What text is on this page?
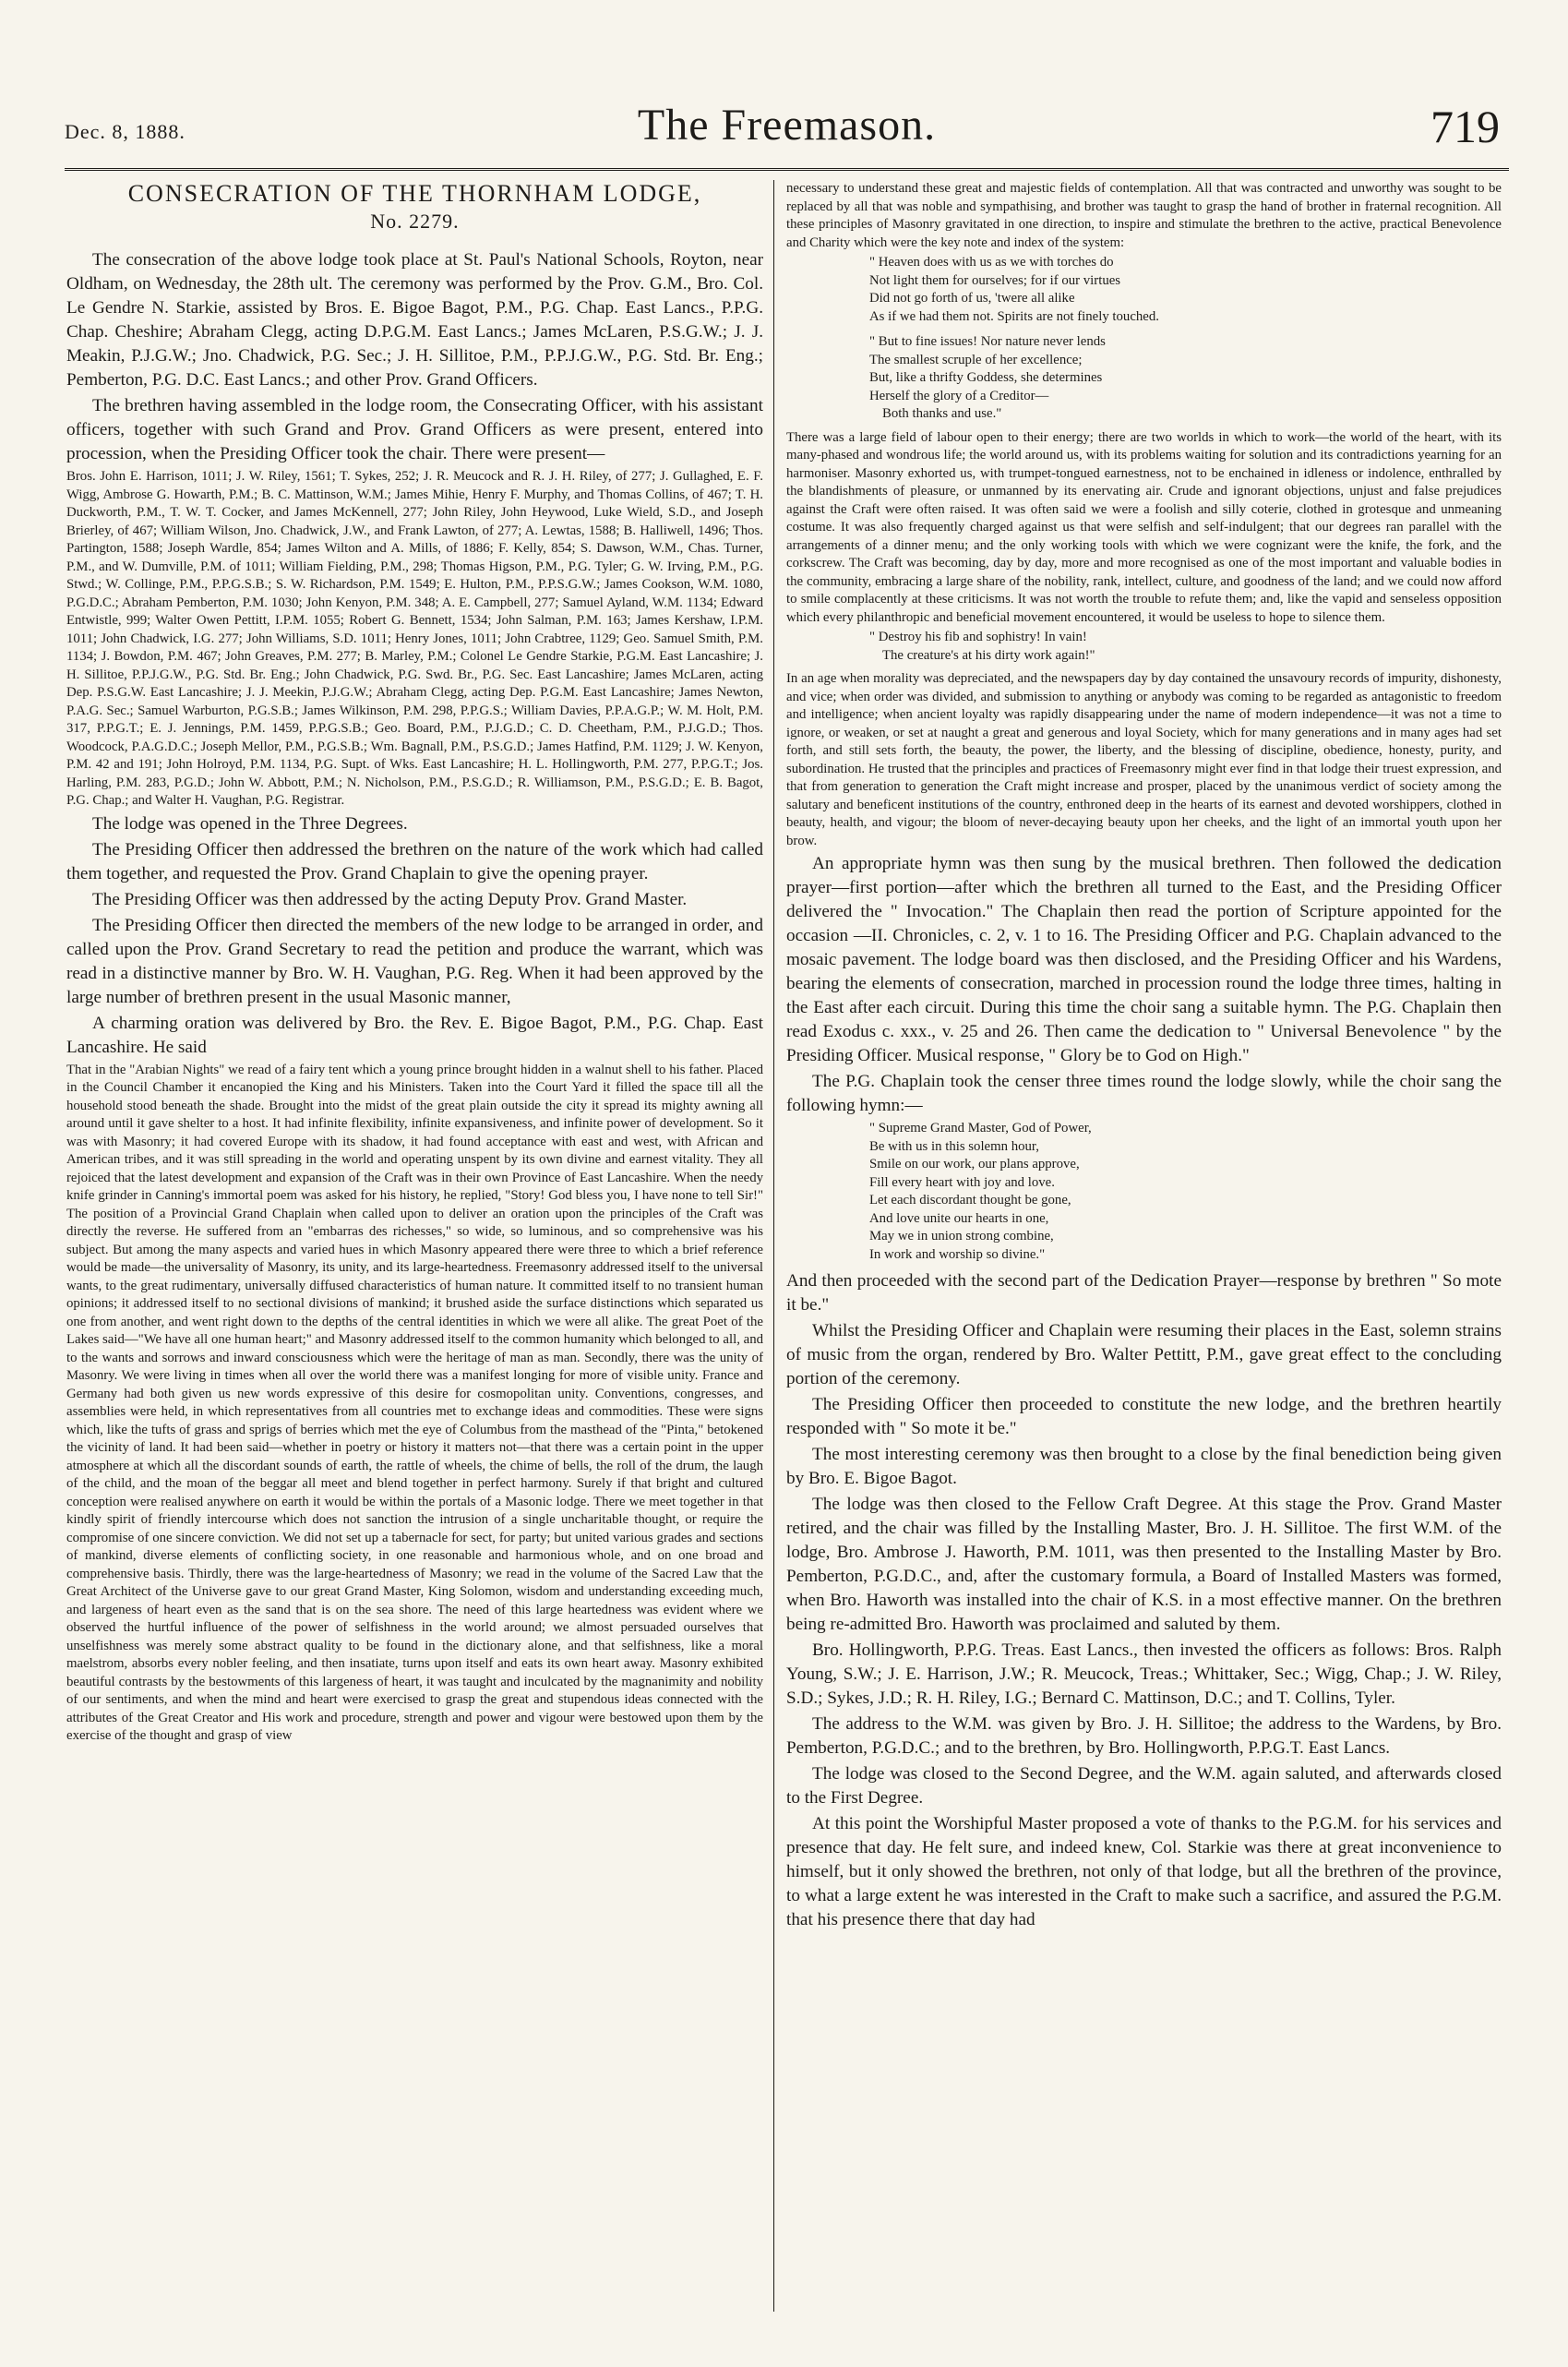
Dec. 8, 1888.	The Freemason.	719
CONSECRATION OF THE THORNHAM LODGE,
No. 2279.

The consecration of the above lodge took place at St. Paul's National Schools, Royton, near Oldham, on Wednesday, the 28th ult. The ceremony was performed by the Prov. G.M., Bro. Col. Le Gendre N. Starkie, assisted by Bros. E. Bigoe Bagot, P.M., P.G. Chap. East Lancs., P.P.G. Chap. Cheshire; Abraham Clegg, acting D.P.G.M. East Lancs.; James McLaren, P.S.G.W.; J. J. Meakin, P.J.G.W.; Jno. Chadwick, P.G. Sec.; J. H. Sillitoe, P.M., P.P.J.G.W., P.G. Std. Br. Eng.; Pemberton, P.G. D.C. East Lancs.; and other Prov. Grand Officers.

The brethren having assembled in the lodge room, the Consecrating Officer, with his assistant officers, together with such Grand and Prov. Grand Officers as were present, entered into procession, when the Presiding Officer took the chair. There were present—

Bros. John E. Harrison, 1011; J. W. Riley, 1561; T. Sykes, 252; J. R. Meucock and R. J. H. Riley, of 277; J. Gullaghed, E. F. Wigg, Ambrose G. Howarth, P.M.; B. C. Mattinson, W.M.; James Mihie, Henry F. Murphy, and Thomas Collins, of 467; T. H. Duckworth, P.M., T. W. T. Cocker, and James McKennell, 277; John Riley, John Heywood, Luke Wield, S.D., and Joseph Brierley, of 467; William Wilson, Jno. Chadwick, J.W., and Frank Lawton, of 277; A. Lewtas, 1588; B. Halliwell, 1496; Thos. Partington, 1588; Joseph Wardle, 854; James Wilton and A. Mills, of 1886; F. Kelly, 854; S. Dawson, W.M., Chas. Turner, P.M., and W. Dumville, P.M. of 1011; William Fielding, P.M., 298; Thomas Higson, P.M., P.G. Tyler; G. W. Irving, P.M., P.G. Stwd.; W. Collinge, P.M., P.P.G.S.B.; S. W. Richardson, P.M. 1549; E. Hulton, P.M., P.P.S.G.W.; James Cookson, W.M. 1080, P.G.D.C.; Abraham Pemberton, P.M. 1030; John Kenyon, P.M. 348; A. E. Campbell, 277; Samuel Ayland, W.M. 1134; Edward Entwistle, 999; Walter Owen Pettitt, I.P.M. 1055; Robert G. Bennett, 1534; John Salman, P.M. 163; James Kershaw, I.P.M. 1011; John Chadwick, I.G. 277; John Williams, S.D. 1011; Henry Jones, 1011; John Crabtree, 1129; Geo. Samuel Smith, P.M. 1134; J. Bowdon, P.M. 467; John Greaves, P.M. 277; B. Marley, P.M.; Colonel Le Gendre Starkie, P.G.M. East Lancashire; J. H. Sillitoe, P.P.J.G.W., P.G. Std. Br. Eng.; John Chadwick, P.G. Swd. Br., P.G. Sec. East Lancashire; James McLaren, acting Dep. P.S.G.W. East Lancashire; J. J. Meekin, P.J.G.W.; Abraham Clegg, acting Dep. P.G.M. East Lancashire; James Newton, P.A.G. Sec.; Samuel Warburton, P.G.S.B.; James Wilkinson, P.M. 298, P.P.G.S.; William Davies, P.P.A.G.P.; W. M. Holt, P.M. 317, P.P.G.T.; E. J. Jennings, P.M. 1459, P.P.G.S.B.; Geo. Board, P.M., P.J.G.D.; C. D. Cheetham, P.M., P.J.G.D.; Thos. Woodcock, P.A.G.D.C.; Joseph Mellor, P.M., P.G.S.B.; Wm. Bagnall, P.M., P.S.G.D.; James Hatfind, P.M. 1129; J. W. Kenyon, P.M. 42 and 191; John Holroyd, P.M. 1134, P.G. Supt. of Wks. East Lancashire; H. L. Hollingworth, P.M. 277, P.P.G.T.; Jos. Harling, P.M. 283, P.G.D.; John W. Abbott, P.M.; N. Nicholson, P.M., P.S.G.D.; R. Williamson, P.M., P.S.G.D.; E. B. Bagot, P.G. Chap.; and Walter H. Vaughan, P.G. Registrar.

The lodge was opened in the Three Degrees.

The Presiding Officer then addressed the brethren on the nature of the work which had called them together, and requested the Prov. Grand Chaplain to give the opening prayer.

The Presiding Officer was then addressed by the acting Deputy Prov. Grand Master.

The Presiding Officer then directed the members of the new lodge to be arranged in order, and called upon the Prov. Grand Secretary to read the petition and produce the warrant, which was read in a distinctive manner by Bro. W. H. Vaughan, P.G. Reg. When it had been approved by the large number of brethren present in the usual Masonic manner,

A charming oration was delivered by Bro. the Rev. E. Bigoe Bagot, P.M., P.G. Chap. East Lancashire. He said

That in the "Arabian Nights" we read of a fairy tent which a young prince brought hidden in a walnut shell to his father. Placed in the Council Chamber it encanopied the King and his Ministers. Taken into the Court Yard it filled the space till all the household stood beneath the shade. Brought into the midst of the great plain outside the city it spread its mighty awning all around until it gave shelter to a host. It had infinite flexibility, infinite expansiveness, and infinite power of development. So it was with Masonry; it had covered Europe with its shadow, it had found acceptance with east and west, with African and American tribes, and it was still spreading in the world and operating unspent by its own divine and earnest vitality. They all rejoiced that the latest development and expansion of the Craft was in their own Province of East Lancashire. When the needy knife grinder in Canning's immortal poem was asked for his history, he replied, "Story! God bless you, I have none to tell Sir!" The position of a Provincial Grand Chaplain when called upon to deliver an oration upon the principles of the Craft was directly the reverse. He suffered from an "embarras des richesses," so wide, so luminous, and so comprehensive was his subject. But among the many aspects and varied hues in which Masonry appeared there were three to which a brief reference would be made—the universality of Masonry, its unity, and its large-heartedness. Freemasonry addressed itself to the universal wants, to the great rudimentary, universally diffused characteristics of human nature. It committed itself to no transient human opinions; it addressed itself to no sectional divisions of mankind; it brushed aside the surface distinctions which separated us one from another, and went right down to the depths of the central identities in which we were all alike. The great Poet of the Lakes said—"We have all one human heart;" and Masonry addressed itself to the common humanity which belonged to all, and to the wants and sorrows and inward consciousness which were the heritage of man as man. Secondly, there was the unity of Masonry. We were living in times when all over the world there was a manifest longing for more of visible unity. France and Germany had both given us new words expressive of this desire for cosmopolitan unity. Conventions, congresses, and assemblies were held, in which representatives from all countries met to exchange ideas and commodities. These were signs which, like the tufts of grass and sprigs of berries which met the eye of Columbus from the masthead of the "Pinta," betokened the vicinity of land. It had been said—whether in poetry or history it matters not—that there was a certain point in the upper atmosphere at which all the discordant sounds of earth, the rattle of wheels, the chime of bells, the roll of the drum, the laugh of the child, and the moan of the beggar all meet and blend together in perfect harmony. Surely if that bright and cultured conception were realised anywhere on earth it would be within the portals of a Masonic lodge. There we meet together in that kindly spirit of friendly intercourse which does not sanction the intrusion of a single uncharitable thought, or require the compromise of one sincere conviction. We did not set up a tabernacle for sect, for party; but united various grades and sections of mankind, diverse elements of conflicting society, in one reasonable and harmonious whole, and on one broad and comprehensive basis. Thirdly, there was the large-heartedness of Masonry; we read in the volume of the Sacred Law that the Great Architect of the Universe gave to our great Grand Master, King Solomon, wisdom and understanding exceeding much, and largeness of heart even as the sand that is on the sea shore. The need of this large heartedness was evident where we observed the hurtful influence of the power of selfishness in the world around; we almost persuaded ourselves that unselfishness was merely some abstract quality to be found in the dictionary alone, and that selfishness, like a moral maelstrom, absorbs every nobler feeling, and then insatiate, turns upon itself and eats its own heart away. Masonry exhibited beautiful contrasts by the bestowments of this largeness of heart, it was taught and inculcated by the magnanimity and nobility of our sentiments, and when the mind and heart were exercised to grasp the great and stupendous ideas connected with the attributes of the Great Creator and His work and procedure, strength and power and vigour were bestowed upon them by the exercise of the thought and grasp of view

necessary to understand these great and majestic fields of contemplation. All that was contracted and unworthy was sought to be replaced by all that was noble and sympathising, and brother was taught to grasp the hand of brother in fraternal recognition. All these principles of Masonry gravitated in one direction, to inspire and stimulate the brethren to the active, practical Benevolence and Charity which were the key note and index of the system:

" Heaven does with us as we with torches do
Not light them for ourselves; for if our virtues
Did not go forth of us, 'twere all alike
As if we had them not. Spirits are not finely touched.
" But to fine issues! Nor nature never lends
The smallest scruple of her excellence;
But, like a thrifty Goddess, she determines
Herself the glory of a Creditor—
Both thanks and use."

There was a large field of labour open to their energy; there are two worlds in which to work—the world of the heart, with its many-phased and wondrous life; the world around us, with its problems waiting for solution and its contradictions yearning for an harmoniser. Masonry exhorted us, with trumpet-tongued earnestness, not to be enchained in idleness or indolence, enthralled by the blandishments of pleasure, or unmanned by its enervating air. Crude and ignorant objections, unjust and false prejudices against the Craft were often raised. It was often said we were a foolish and silly coterie, clothed in grotesque and unmeaning costume. It was also frequently charged against us that were selfish and self-indulgent; that our degrees ran parallel with the arrangements of a dinner menu; and the only working tools with which we were cognizant were the knife, the fork, and the corkscrew. The Craft was becoming, day by day, more and more recognised as one of the most important and valuable bodies in the community, embracing a large share of the nobility, rank, intellect, culture, and goodness of the land; and we could now afford to smile complacently at these criticisms. It was not worth the trouble to refute them; and, like the vapid and senseless opposition which every philanthropic and beneficial movement encountered, it would be useless to hope to silence them.

" Destroy his fib and sophistry! In vain!
The creature's at his dirty work again!"

In an age when morality was depreciated, and the newspapers day by day contained the unsavoury records of impurity, dishonesty, and vice; when order was divided, and submission to anything or anybody was coming to be regarded as antagonistic to freedom and intelligence; when ancient loyalty was rapidly disappearing under the name of modern independence—it was not a time to ignore, or weaken, or set at naught a great and generous and loyal Society, which for many generations and in many ages had set forth, and still sets forth, the beauty, the power, the liberty, and the blessing of discipline, obedience, honesty, purity, and subordination. He trusted that the principles and practices of Freemasonry might ever find in that lodge their truest expression, and that from generation to generation the Craft might increase and prosper, placed by the unanimous verdict of society among the salutary and beneficent institutions of the country, enthroned deep in the hearts of its earnest and devoted worshippers, clothed in beauty, health, and vigour; the bloom of never-decaying beauty upon her cheeks, and the light of an immortal youth upon her brow.

An appropriate hymn was then sung by the musical brethren. Then followed the dedication prayer—first portion—after which the brethren all turned to the East, and the Presiding Officer delivered the " Invocation." The Chaplain then read the portion of Scripture appointed for the occasion —II. Chronicles, c. 2, v. 1 to 16. The Presiding Officer and P.G. Chaplain advanced to the mosaic pavement. The lodge board was then disclosed, and the Presiding Officer and his Wardens, bearing the elements of consecration, marched in procession round the lodge three times, halting in the East after each circuit. During this time the choir sang a suitable hymn. The P.G. Chaplain then read Exodus c. xxx., v. 25 and 26. Then came the dedication to " Universal Benevolence " by the Presiding Officer. Musical response, " Glory be to God on High."

The P.G. Chaplain took the censer three times round the lodge slowly, while the choir sang the following hymn:—

" Supreme Grand Master, God of Power,
Be with us in this solemn hour,
Smile on our work, our plans approve,
Fill every heart with joy and love.
Let each discordant thought be gone,
And love unite our hearts in one,
May we in union strong combine,
In work and worship so divine."

And then proceeded with the second part of the Dedication Prayer—response by brethren " So mote it be."

Whilst the Presiding Officer and Chaplain were resuming their places in the East, solemn strains of music from the organ, rendered by Bro. Walter Pettitt, P.M., gave great effect to the concluding portion of the ceremony.

The Presiding Officer then proceeded to constitute the new lodge, and the brethren heartily responded with " So mote it be."

The most interesting ceremony was then brought to a close by the final benediction being given by Bro. E. Bigoe Bagot.

The lodge was then closed to the Fellow Craft Degree. At this stage the Prov. Grand Master retired, and the chair was filled by the Installing Master, Bro. J. H. Sillitoe. The first W.M. of the lodge, Bro. Ambrose J. Haworth, P.M. 1011, was then presented to the Installing Master by Bro. Pemberton, P.G.D.C., and, after the customary formula, a Board of Installed Masters was formed, when Bro. Haworth was installed into the chair of K.S. in a most effective manner. On the brethren being re-admitted Bro. Haworth was proclaimed and saluted by them.

Bro. Hollingworth, P.P.G. Treas. East Lancs., then invested the officers as follows: Bros. Ralph Young, S.W.; J. E. Harrison, J.W.; R. Meucock, Treas.; Whittaker, Sec.; Wigg, Chap.; J. W. Riley, S.D.; Sykes, J.D.; R. H. Riley, I.G.; Bernard C. Mattinson, D.C.; and T. Collins, Tyler.

The address to the W.M. was given by Bro. J. H. Sillitoe; the address to the Wardens, by Bro. Pemberton, P.G.D.C.; and to the brethren, by Bro. Hollingworth, P.P.G.T. East Lancs.

The lodge was closed to the Second Degree, and the W.M. again saluted, and afterwards closed to the First Degree.

At this point the Worshipful Master proposed a vote of thanks to the P.G.M. for his services and presence that day. He felt sure, and indeed knew, Col. Starkie was there at great inconvenience to himself, but it only showed the brethren, not only of that lodge, but all the brethren of the province, to what a large extent he was interested in the Craft to make such a sacrifice, and assured the P.G.M. that his presence there that day had
